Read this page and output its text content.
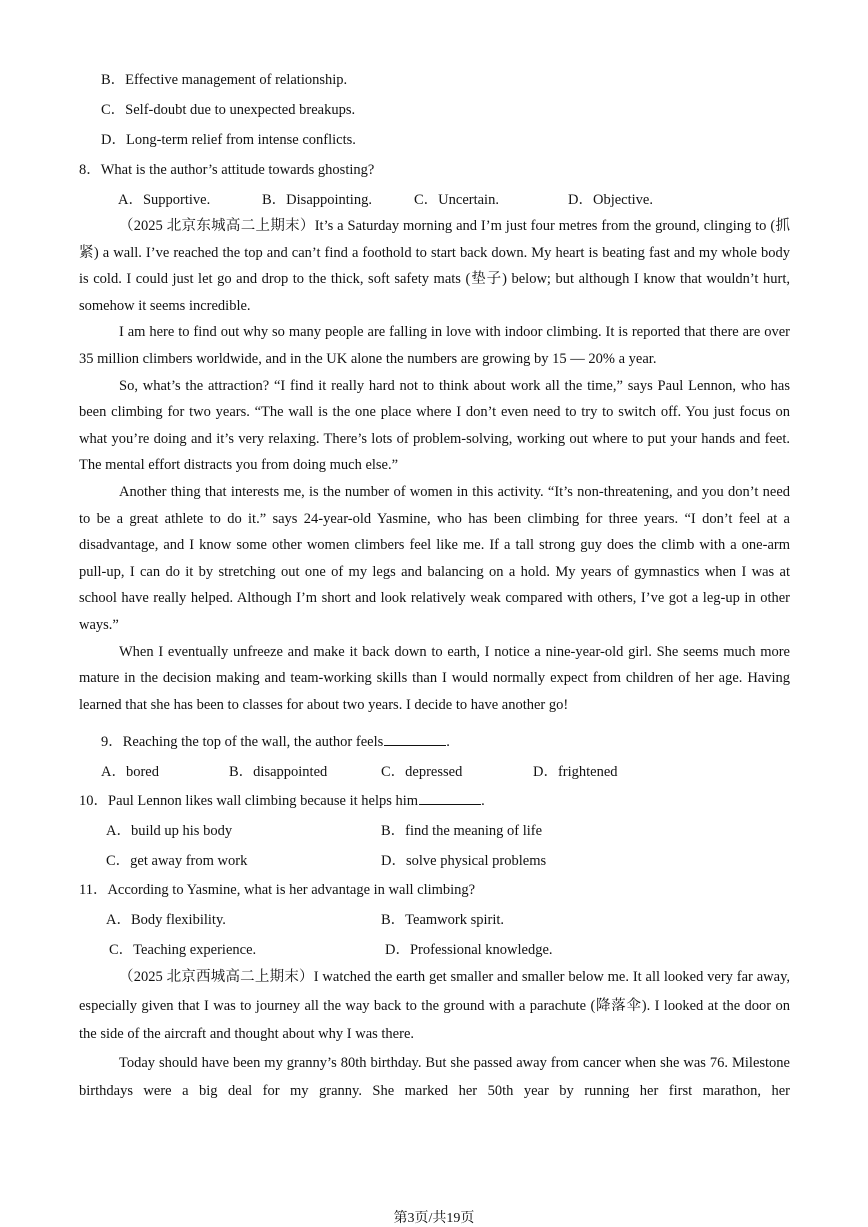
B．Effective management of relationship.
C．Self-doubt due to unexpected breakups.
D．Long-term relief from intense conflicts.
8．What is the author’s attitude towards ghosting?
A．Supportive.	B．Disappointing.	C．Uncertain.	D．Objective.

（2025 北京东城高二上期末）It’s a Saturday morning and I’m just four metres from the ground, clinging to (抓紧) a wall. I’ve reached the top and can’t find a foothold to start back down. My heart is beating fast and my whole body is cold. I could just let go and drop to the thick, soft safety mats (垫子) below; but although I know that wouldn’t hurt, somehow it seems incredible.

I am here to find out why so many people are falling in love with indoor climbing. It is reported that there are over 35 million climbers worldwide, and in the UK alone the numbers are growing by 15 — 20% a year.

So, what’s the attraction? “I find it really hard not to think about work all the time,” says Paul Lennon, who has been climbing for two years. “The wall is the one place where I don’t even need to try to switch off. You just focus on what you’re doing and it’s very relaxing. There’s lots of problem-solving, working out where to put your hands and feet. The mental effort distracts you from doing much else.”

Another thing that interests me, is the number of women in this activity. “It’s non-threatening, and you don’t need to be a great athlete to do it.” says 24-year-old Yasmine, who has been climbing for three years. “I don’t feel at a disadvantage, and I know some other women climbers feel like me. If a tall strong guy does the climb with a one-arm pull-up, I can do it by stretching out one of my legs and balancing on a hold. My years of gymnastics when I was at school have really helped. Although I’m short and look relatively weak compared with others, I’ve got a leg-up in other ways.”

When I eventually unfreeze and make it back down to earth, I notice a nine-year-old girl. She seems much more mature in the decision making and team-working skills than I would normally expect from children of her age. Having learned that she has been to classes for about two years. I decide to have another go!

9．Reaching the top of the wall, the author feels	.
A．bored	B．disappointed	C．depressed	D．frightened
10．Paul Lennon likes wall climbing because it helps him	.
A．build up his body	B．find the meaning of life
C．get away from work	D．solve physical problems
11．According to Yasmine, what is her advantage in wall climbing?
A．Body flexibility.	B．Teamwork spirit.
C．Teaching experience.	D．Professional knowledge.

（2025 北京西城高二上期末）I watched the earth get smaller and smaller below me. It all looked very far away, especially given that I was to journey all the way back to the ground with a parachute (降落伞). I looked at the door on the side of the aircraft and thought about why I was there.

Today should have been my granny’s 80th birthday. But she passed away from cancer when she was 76. Milestone birthdays were a big deal for my granny. She marked her 50th year by running her first marathon, her

第3页/共19页
